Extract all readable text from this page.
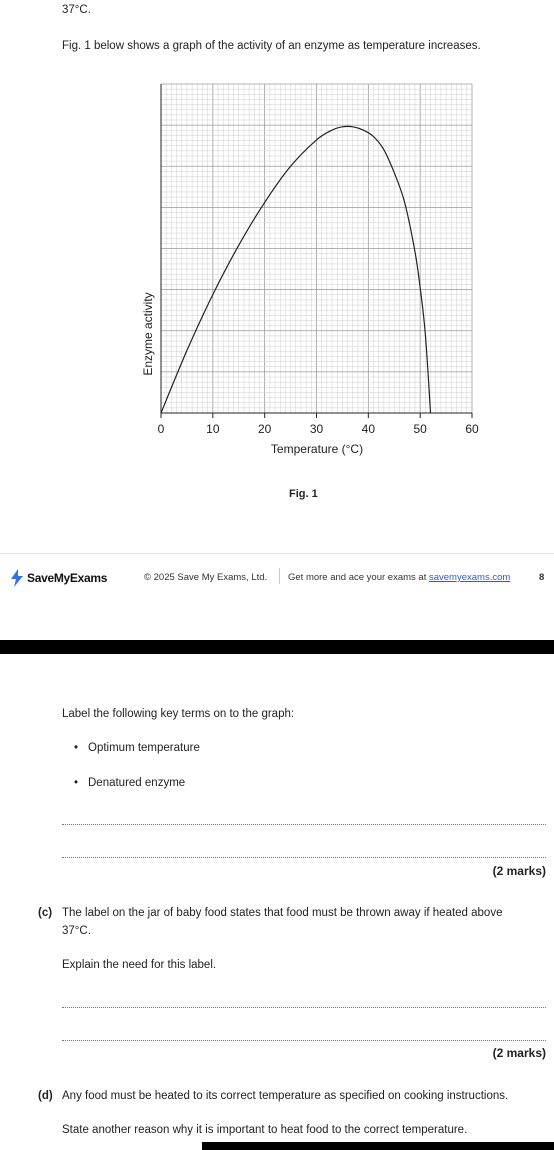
37°C.
Fig. 1 below shows a graph of the activity of an enzyme as temperature increases.
0	10	20	30	40	50	60
Temperature (°C)
Enzyme activity
Fig. 1
SaveMyExams	© 2025 Save My Exams, Ltd. Get more and ace your exams at savemyexams.com	8
Label the following key terms on to the graph:
• Optimum temperature
• Denatured enzyme
(2 marks)
(c) The label on the jar of baby food states that food must be thrown away if heated above
37°C.
Explain the need for this label.
(2 marks)
(d) Any food must be heated to its correct temperature as specified on cooking instructions.
State another reason why it is important to heat food to the correct temperature.
